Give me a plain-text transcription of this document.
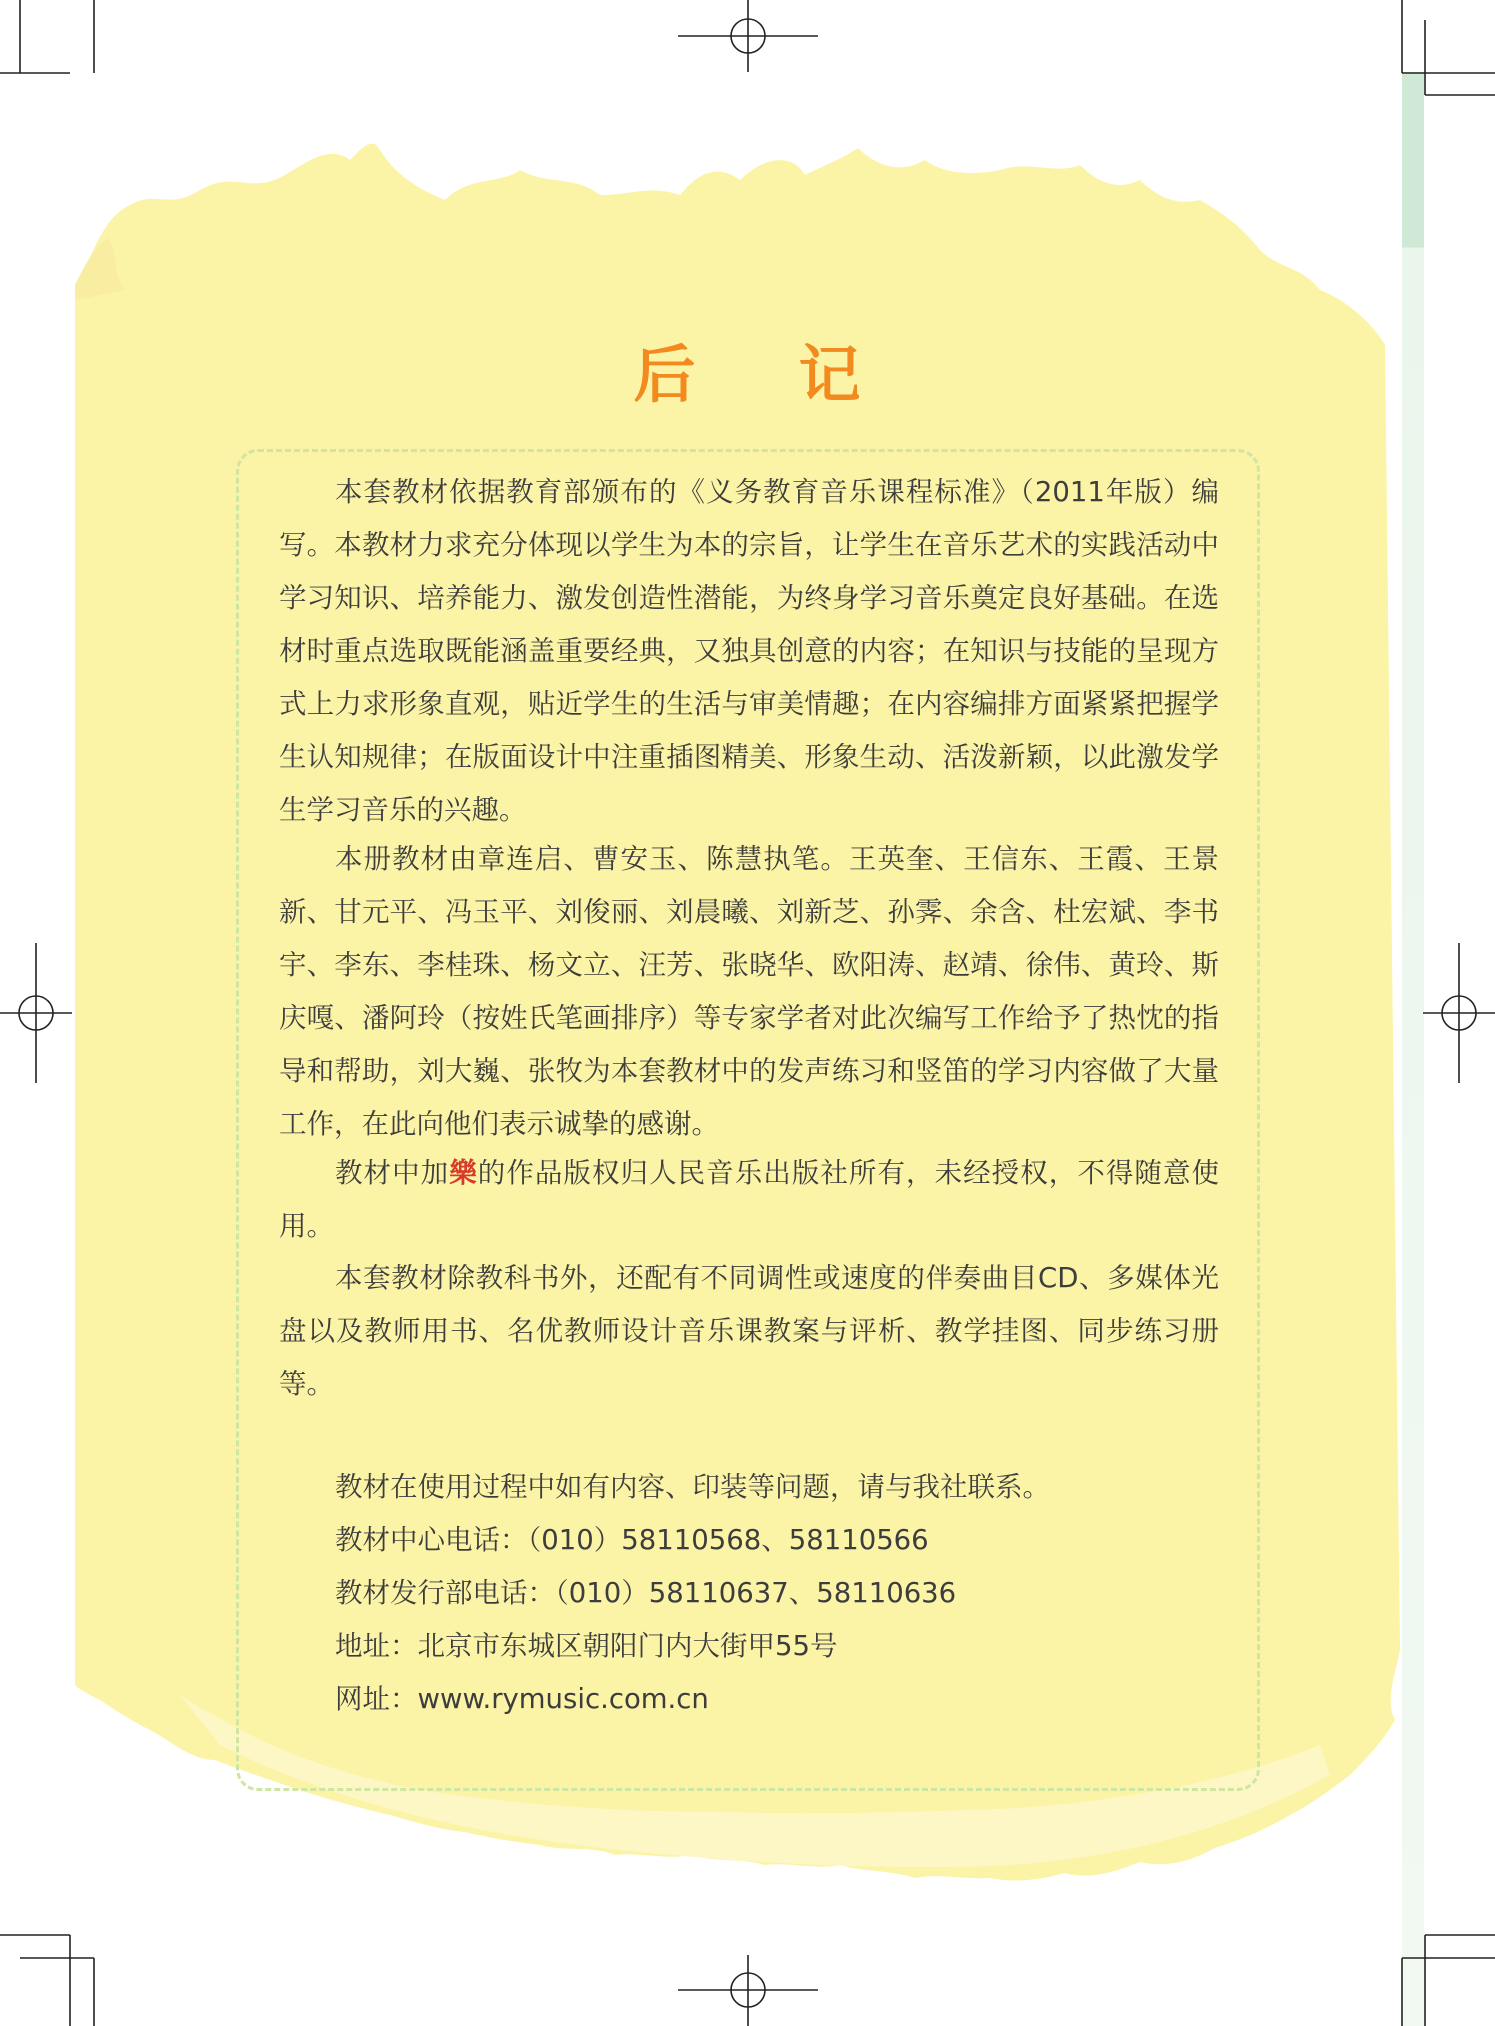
后 记

本套教材依据教育部颁布的《义务教育音乐课程标准》（2011年版）编写。本教材力求充分体现以学生为本的宗旨，让学生在音乐艺术的实践活动中学习知识、培养能力、激发创造性潜能，为终身学习音乐奠定良好基础。在选材时重点选取既能涵盖重要经典，又独具创意的内容；在知识与技能的呈现方式上力求形象直观，贴近学生的生活与审美情趣；在内容编排方面紧紧把握学生认知规律；在版面设计中注重插图精美、形象生动、活泼新颖，以此激发学生学习音乐的兴趣。

本册教材由章连启、曹安玉、陈慧执笔。王英奎、王信东、王霞、王景新、甘元平、冯玉平、刘俊丽、刘晨曦、刘新芝、孙霁、余含、杜宏斌、李书宇、李东、李桂珠、杨文立、汪芳、张晓华、欧阳涛、赵靖、徐伟、黄玲、斯庆嘎、潘阿玲（按姓氏笔画排序）等专家学者对此次编写工作给予了热忱的指导和帮助，刘大巍、张牧为本套教材中的发声练习和竖笛的学习内容做了大量工作，在此向他们表示诚挚的感谢。

教材中加樂的作品版权归人民音乐出版社所有，未经授权，不得随意使用。

本套教材除教科书外，还配有不同调性或速度的伴奏曲目CD、多媒体光盘以及教师用书、名优教师设计音乐课教案与评析、教学挂图、同步练习册等。

教材在使用过程中如有内容、印装等问题，请与我社联系。

教材中心电话：（010）58110568、58110566

教材发行部电话：（010）58110637、58110636

地址：北京市东城区朝阳门内大街甲55号

网址：www.rymusic.com.cn
